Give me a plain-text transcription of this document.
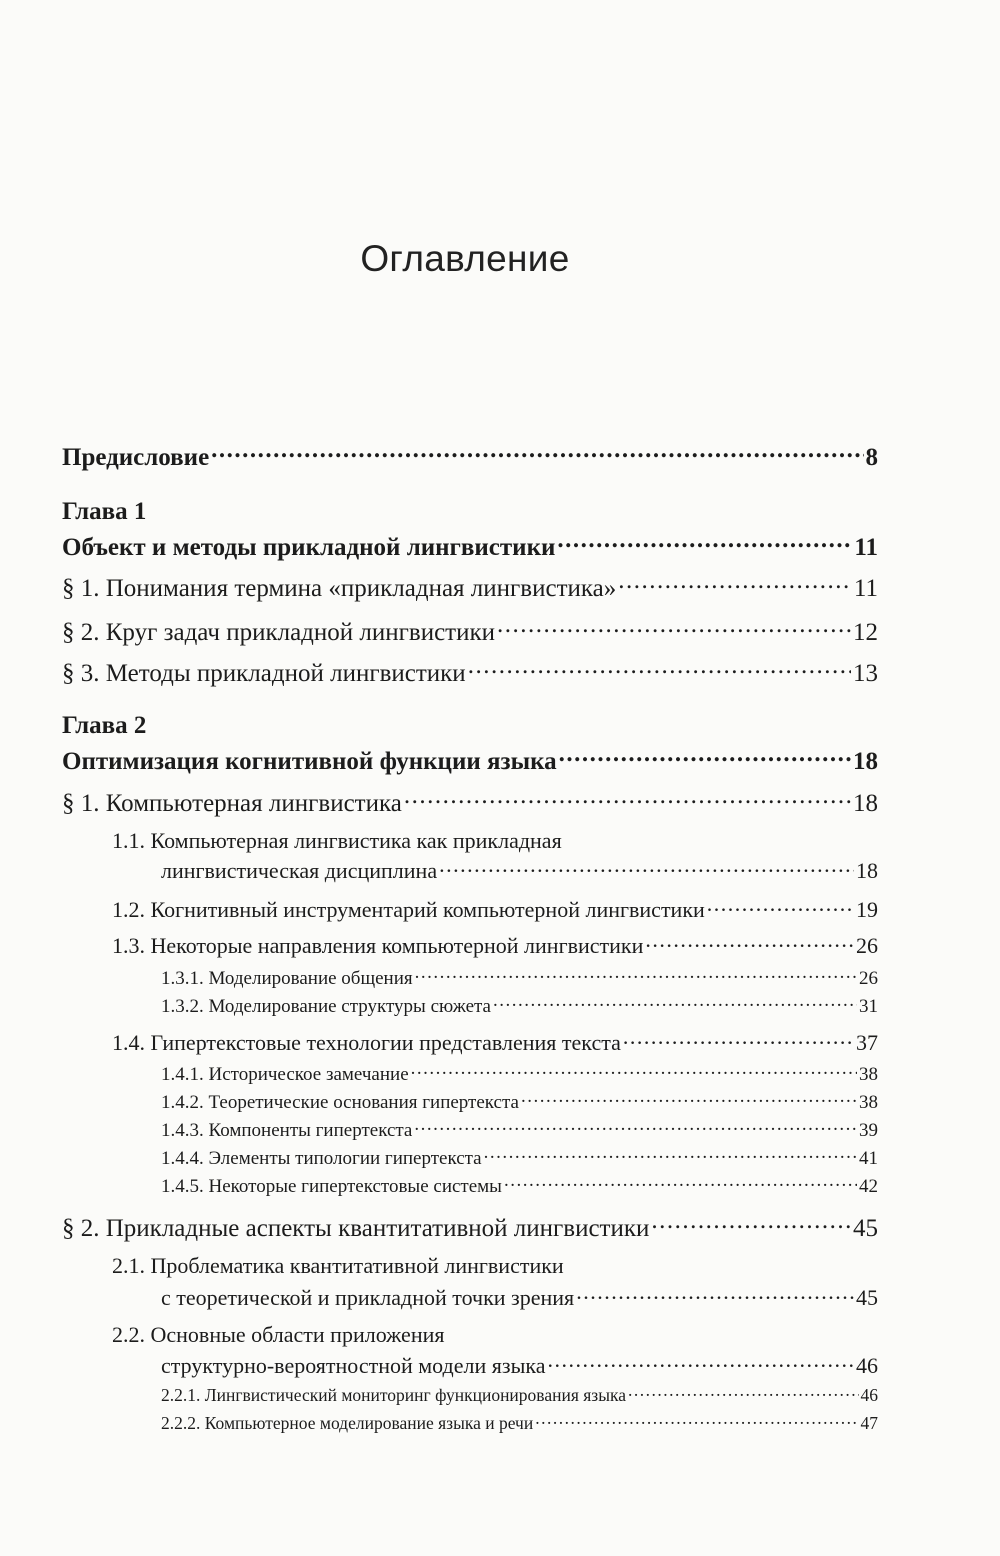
Оглавление
Предисловие .....	8
Глава 1
Объект и методы прикладной лингвистики .....	11
§ 1. Понимания термина «прикладная лингвистика» .....	11
§ 2. Круг задач прикладной лингвистики .....	12
§ 3. Методы прикладной лингвистики .....	13
Глава 2
Оптимизация когнитивной функции языка .....	18
§ 1. Компьютерная лингвистика .....	18
1.1. Компьютерная лингвистика как прикладная
лингвистическая дисциплина .....	18
1.2. Когнитивный инструментарий компьютерной лингвистики .....	19
1.3. Некоторые направления компьютерной лингвистики .....	26
1.3.1. Моделирование общения .....	26
1.3.2. Моделирование структуры сюжета .....	31
1.4. Гипертекстовые технологии представления текста .....	37
1.4.1. Историческое замечание .....	38
1.4.2. Теоретические основания гипертекста .....	38
1.4.3. Компоненты гипертекста .....	39
1.4.4. Элементы типологии гипертекста .....	41
1.4.5. Некоторые гипертекстовые системы .....	42
§ 2. Прикладные аспекты квантитативной лингвистики .....	45
2.1. Проблематика квантитативной лингвистики
с теоретической и прикладной точки зрения .....	45
2.2. Основные области приложения
структурно-вероятностной модели языка .....	46
2.2.1. Лингвистический мониторинг функционирования языка .....	46
2.2.2. Компьютерное моделирование языка и речи .....	47
